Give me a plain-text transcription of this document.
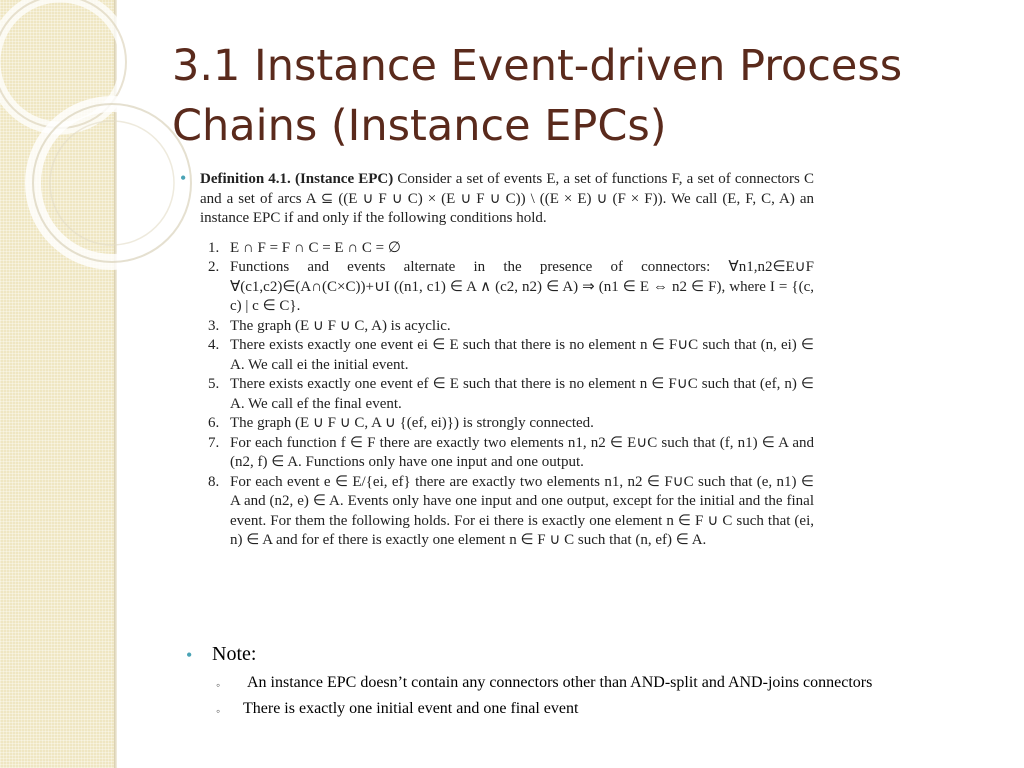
3.1 Instance Event-driven Process
Chains (Instance EPCs)
• Definition 4.1. (Instance EPC) Consider a set of events E, a set of functions F, a set of connectors C and a set of arcs A ⊆ ((E ∪ F ∪ C) × (E ∪ F ∪ C)) \ ((E × E) ∪ (F × F)). We call (E, F, C, A) an instance EPC if and only if the following conditions hold.

1. E ∩ F = F ∩ C = E ∩ C = ∅
2. Functions and events alternate in the presence of connectors: ∀n1,n2∈E∪F ∀(c1,c2)∈(A∩(C×C))+∪I ((n1, c1) ∈ A ∧ (c2, n2) ∈ A) ⇒ (n1 ∈ E ⇔ n2 ∈ F), where I = {(c, c) | c ∈ C}.
3. The graph (E ∪ F ∪ C, A) is acyclic.
4. There exists exactly one event ei ∈ E such that there is no element n ∈ F∪C such that (n, ei) ∈ A. We call ei the initial event.
5. There exists exactly one event ef ∈ E such that there is no element n ∈ F∪C such that (ef, n) ∈ A. We call ef the final event.
6. The graph (E ∪ F ∪ C, A ∪ {(ef, ei)}) is strongly connected.
7. For each function f ∈ F there are exactly two elements n1, n2 ∈ E∪C such that (f, n1) ∈ A and (n2, f) ∈ A. Functions only have one input and one output.
8. For each event e ∈ E/{ei, ef} there are exactly two elements n1, n2 ∈ F∪C such that (e, n1) ∈ A and (n2, e) ∈ A. Events only have one input and one output, except for the initial and the final event. For them the following holds. For ei there is exactly one element n ∈ F ∪ C such that (ei, n) ∈ A and for ef there is exactly one element n ∈ F ∪ C such that (n, ef) ∈ A.
• Note:
◦ An instance EPC doesn’t contain any connectors other than AND-split and AND-joins connectors
◦ There is exactly one initial event and one final event
